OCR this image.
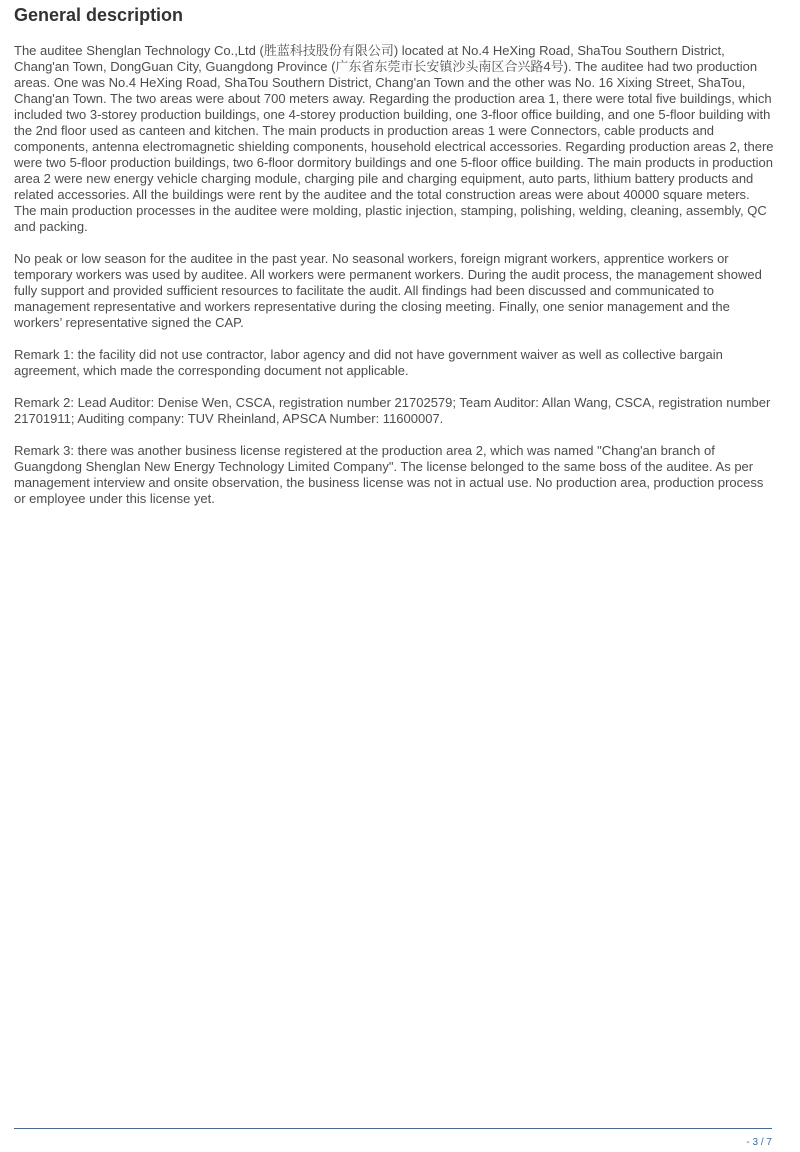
General description

The auditee Shenglan Technology Co.,Ltd (胜蓝科技股份有限公司) located at No.4 HeXing Road, ShaTou Southern District, Chang'an Town, DongGuan City, Guangdong Province (广东省东莞市长安镇沙头南区合兴路4号). The auditee had two production areas. One was No.4 HeXing Road, ShaTou Southern District, Chang'an Town and the other was No. 16 Xixing Street, ShaTou, Chang'an Town. The two areas were about 700 meters away. Regarding the production area 1, there were total five buildings, which included two 3-storey production buildings, one 4-storey production building, one 3-floor office building, and one 5-floor building with the 2nd floor used as canteen and kitchen. The main products in production areas 1 were Connectors, cable products and components, antenna electromagnetic shielding components, household electrical accessories. Regarding production areas 2, there were two 5-floor production buildings, two 6-floor dormitory buildings and one 5-floor office building. The main products in production area 2 were new energy vehicle charging module, charging pile and charging equipment, auto parts, lithium battery products and related accessories. All the buildings were rent by the auditee and the total construction areas were about 40000 square meters. The main production processes in the auditee were molding, plastic injection, stamping, polishing, welding, cleaning, assembly, QC and packing.

No peak or low season for the auditee in the past year. No seasonal workers, foreign migrant workers, apprentice workers or temporary workers was used by auditee. All workers were permanent workers. During the audit process, the management showed fully support and provided sufficient resources to facilitate the audit. All findings had been discussed and communicated to management representative and workers representative during the closing meeting. Finally, one senior management and the workers’ representative signed the CAP.

Remark 1: the facility did not use contractor, labor agency and did not have government waiver as well as collective bargain agreement, which made the corresponding document not applicable.

Remark 2: Lead Auditor: Denise Wen, CSCA, registration number 21702579; Team Auditor: Allan Wang, CSCA, registration number 21701911; Auditing company: TUV Rheinland, APSCA Number: 11600007.

Remark 3: there was another business license registered at the production area 2, which was named "Chang'an branch of Guangdong Shenglan New Energy Technology Limited Company". The license belonged to the same boss of the auditee. As per management interview and onsite observation, the business license was not in actual use. No production area, production process or employee under this license yet.

- 3 / 7
